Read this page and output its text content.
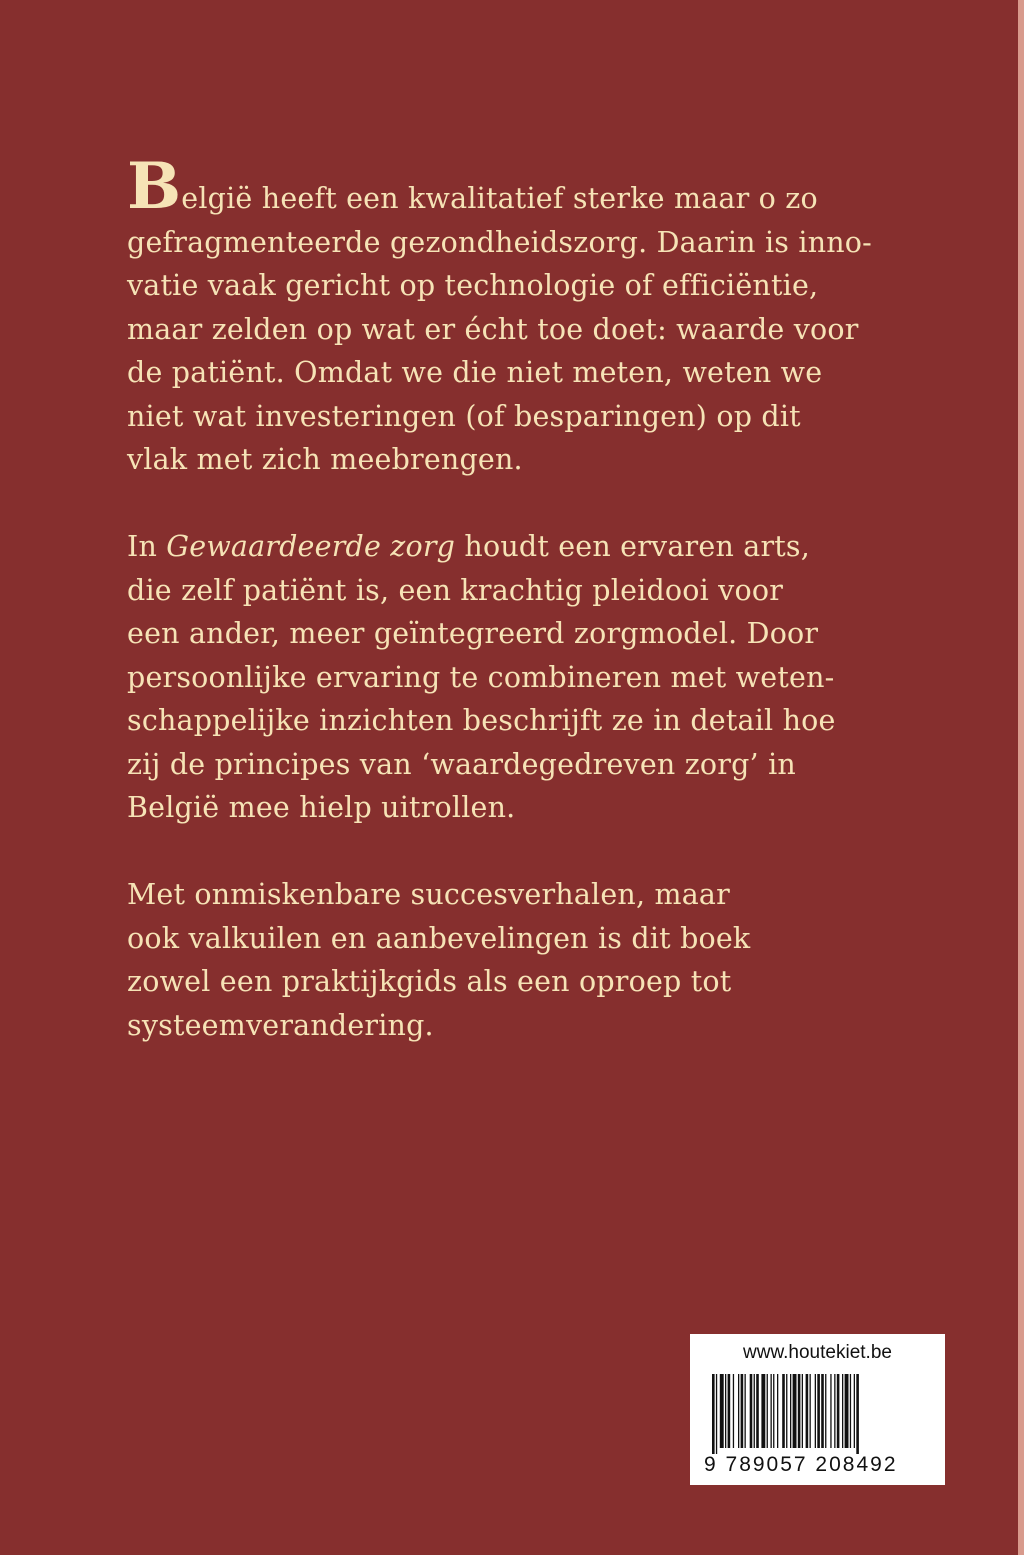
België heeft een kwalitatief sterke maar o zo
gefragmenteerde gezondheidszorg. Daarin is inno-
vatie vaak gericht op technologie of efficiëntie,
maar zelden op wat er écht toe doet: waarde voor
de patiënt. Omdat we die niet meten, weten we
niet wat investeringen (of besparingen) op dit
vlak met zich meebrengen.

In Gewaardeerde zorg houdt een ervaren arts,
die zelf patiënt is, een krachtig pleidooi voor
een ander, meer geïntegreerd zorgmodel. Door
persoonlijke ervaring te combineren met weten-
schappelijke inzichten beschrijft ze in detail hoe
zij de principes van ‘waardegedreven zorg’ in
België mee hielp uitrollen.

Met onmiskenbare succesverhalen, maar
ook valkuilen en aanbevelingen is dit boek
zowel een praktijkgids als een oproep tot
systeemverandering.

www.houtekiet.be
9 789057 208492
